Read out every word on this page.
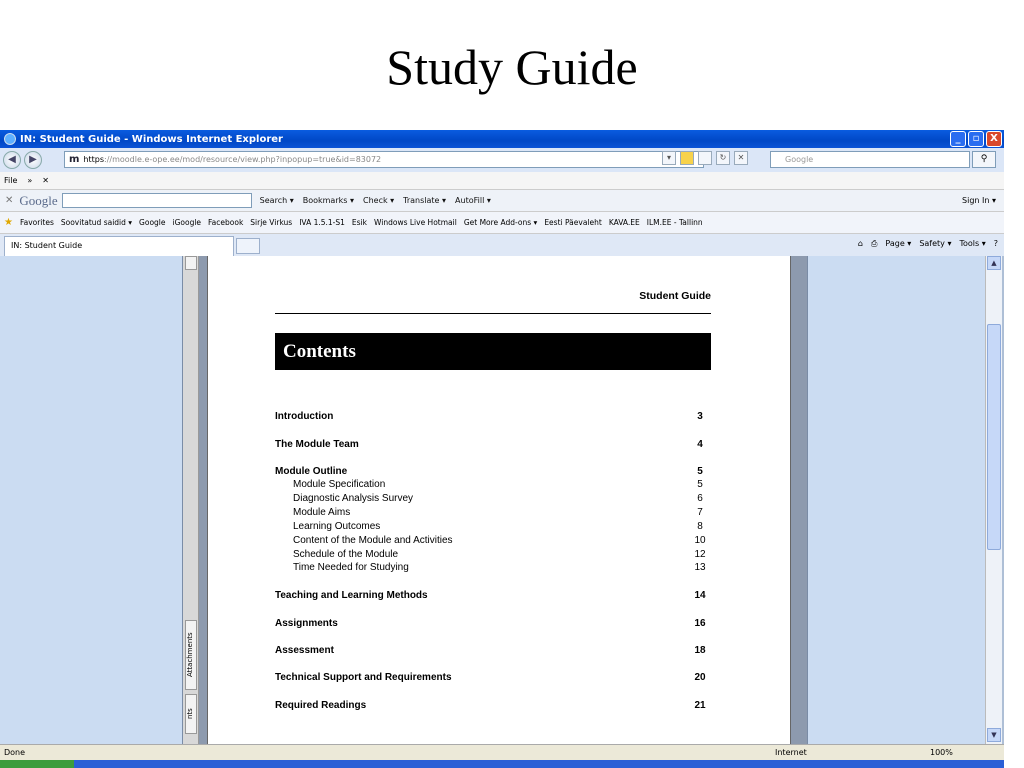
Study Guide
IN: Student Guide - Windows Internet Explorer	_	▫	X
◀	▶	m https ://moodle.e-ope.ee/mod/resource/view.php?inpopup=true&id=83072	▾	↻	✕	Google	⚲
File » ✕
✕ Google	Search ▾ Bookmarks ▾ Check ▾ Translate ▾ AutoFill ▾	Sign In ▾
★ Favorites Soovitatud saidid ▾ Google iGoogle Facebook Sirje Virkus IVA 1.5.1-S1 Esik Windows Live Hotmail Get More Add-ons ▾ Eesti Päevaleht KAVA.EE ILM.EE - Tallinn
IN: Student Guide	⌂ ⎙ Page ▾ Safety ▾ Tools ▾ ?
Attachments
nts
Student Guide
Contents
Introduction	3
The Module Team	4
Module Outline	5
Module Specification	5
Diagnostic Analysis Survey	6
Module Aims	7
Learning Outcomes	8
Content of the Module and Activities	10
Schedule of the Module	12
Time Needed for Studying	13
Teaching and Learning Methods	14
Assignments	16
Assessment	18
Technical Support and Requirements	20
Required Readings	21
▲
▼
Done	Internet	100%
